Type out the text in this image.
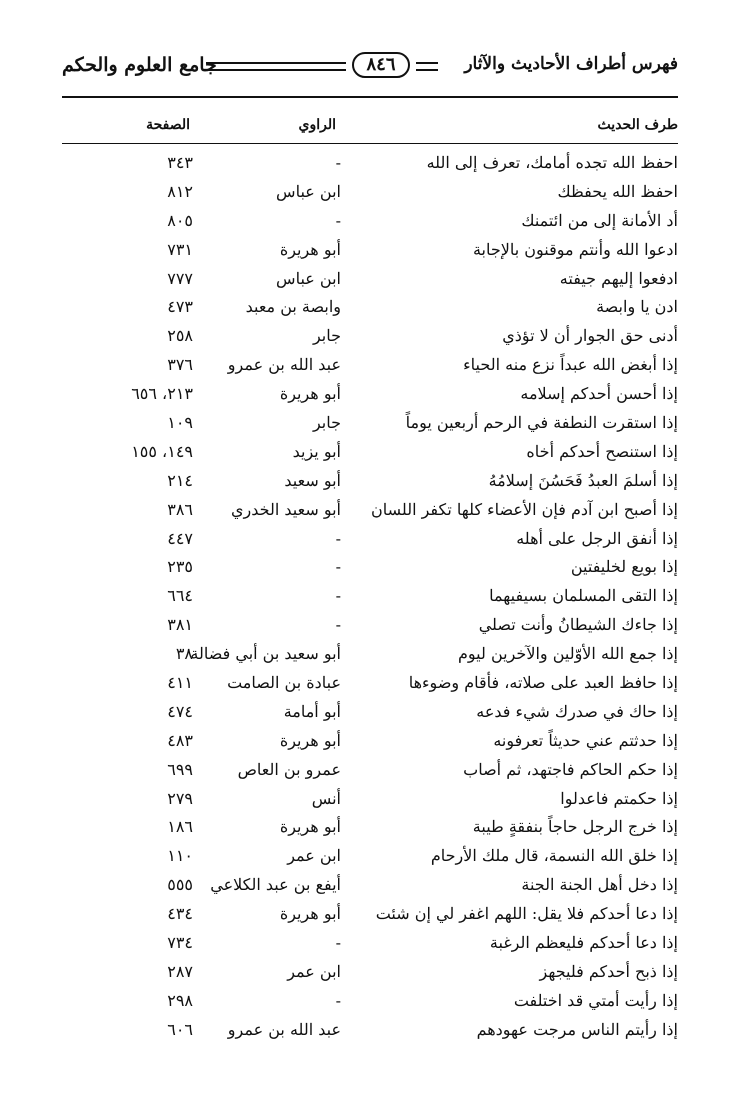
فهرس أطراف الأحاديث والآثار
٨٤٦
جامع العلوم والحكم
طرف الحديث
الراوي
الصفحة
احفظ الله تجده أمامك، تعرف إلى الله
-
٣٤٣
احفظ الله يحفظك
ابن عباس
٨١٢
أد الأمانة إلى من ائتمنك
-
٨٠٥
ادعوا الله وأنتم موقنون بالإجابة
أبو هريرة
٧٣١
ادفعوا إليهم جيفته
ابن عباس
٧٧٧
ادن يا وابصة
وابصة بن معبد
٤٧٣
أدنى حق الجوار أن لا تؤذي
جابر
٢٥٨
إذا أبغض الله عبداً نزع منه الحياء
عبد الله بن عمرو
٣٧٦
إذا أحسن أحدكم إسلامه
أبو هريرة
٢١٣، ٦٥٦
إذا استقرت النطفة في الرحم أربعين يوماً
جابر
١٠٩
إذا استنصح أحدكم أخاه
أبو يزيد
١٤٩، ١٥٥
إذا أسلمَ العبدُ فَحَسُنَ إسلامُهُ
أبو سعيد
٢١٤
إذا أصبح ابن آدم فإن الأعضاء كلها تكفر اللسان
أبو سعيد الخدري
٣٨٦
إذا أنفق الرجل على أهله
-
٤٤٧
إذا بويع لخليفتين
-
٢٣٥
إذا التقى المسلمان بسيفيهما
-
٦٦٤
إذا جاءك الشيطانُ وأنت تصلي
-
٣٨١
إذا جمع الله الأوّلين والآخرين ليوم
أبو سعيد بن أبي فضالة
٣٨
إذا حافظ العبد على صلاته، فأقام وضوءها
عبادة بن الصامت
٤١١
إذا حاك في صدرك شيء فدعه
أبو أمامة
٤٧٤
إذا حدثتم عني حديثاً تعرفونه
أبو هريرة
٤٨٣
إذا حكم الحاكم فاجتهد، ثم أصاب
عمرو بن العاص
٦٩٩
إذا حكمتم فاعدلوا
أنس
٢٧٩
إذا خرج الرجل حاجاً بنفقةٍ طيبة
أبو هريرة
١٨٦
إذا خلق الله النسمة، قال ملك الأرحام
ابن عمر
١١٠
إذا دخل أهل الجنة الجنة
أيفع بن عبد الكلاعي
٥٥٥
إذا دعا أحدكم فلا يقل: اللهم اغفر لي إن شئت
أبو هريرة
٤٣٤
إذا دعا أحدكم فليعظم الرغبة
-
٧٣٤
إذا ذبح أحدكم فليجهز
ابن عمر
٢٨٧
إذا رأيت أمتي قد اختلفت
-
٢٩٨
إذا رأيتم الناس مرجت عهودهم
عبد الله بن عمرو
٦٠٦
